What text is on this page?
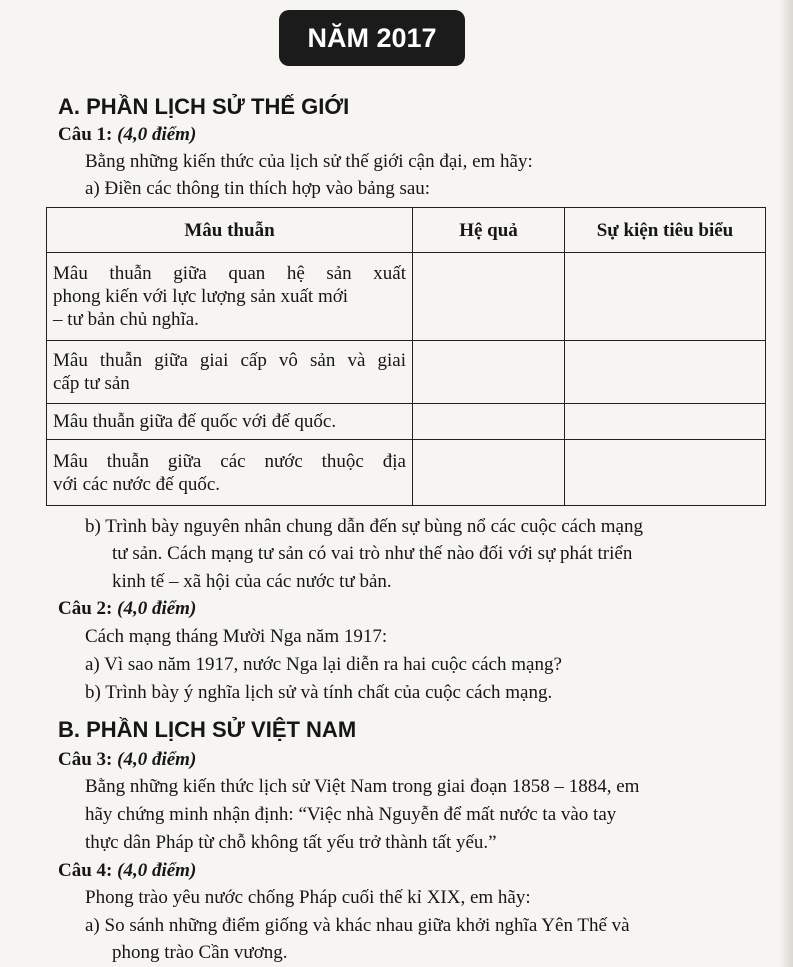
NĂM 2017
A. PHẦN LỊCH SỬ THẾ GIỚI
Câu 1: (4,0 điểm)
Bằng những kiến thức của lịch sử thế giới cận đại, em hãy:
a) Điền các thông tin thích hợp vào bảng sau:
Mâu thuẫn	Hệ quả	Sự kiện tiêu biểu

Mâu thuẫn giữa quan hệ sản xuất
phong kiến với lực lượng sản xuất mới
– tư bản chủ nghĩa.		

Mâu thuẫn giữa giai cấp vô sản và giai
cấp tư sản		

Mâu thuẫn giữa đế quốc với đế quốc.		

Mâu thuẫn giữa các nước thuộc địa
với các nước đế quốc.		

b) Trình bày nguyên nhân chung dẫn đến sự bùng nổ các cuộc cách mạng
tư sản. Cách mạng tư sản có vai trò như thế nào đối với sự phát triển
kinh tế – xã hội của các nước tư bản.
Câu 2: (4,0 điểm)
Cách mạng tháng Mười Nga năm 1917:
a) Vì sao năm 1917, nước Nga lại diễn ra hai cuộc cách mạng?
b) Trình bày ý nghĩa lịch sử và tính chất của cuộc cách mạng.
B. PHẦN LỊCH SỬ VIỆT NAM
Câu 3: (4,0 điểm)
Bằng những kiến thức lịch sử Việt Nam trong giai đoạn 1858 – 1884, em
hãy chứng minh nhận định: “Việc nhà Nguyễn để mất nước ta vào tay
thực dân Pháp từ chỗ không tất yếu trở thành tất yếu.”
Câu 4: (4,0 điểm)
Phong trào yêu nước chống Pháp cuối thế kỉ XIX, em hãy:
a) So sánh những điểm giống và khác nhau giữa khởi nghĩa Yên Thế và
phong trào Cần vương.
